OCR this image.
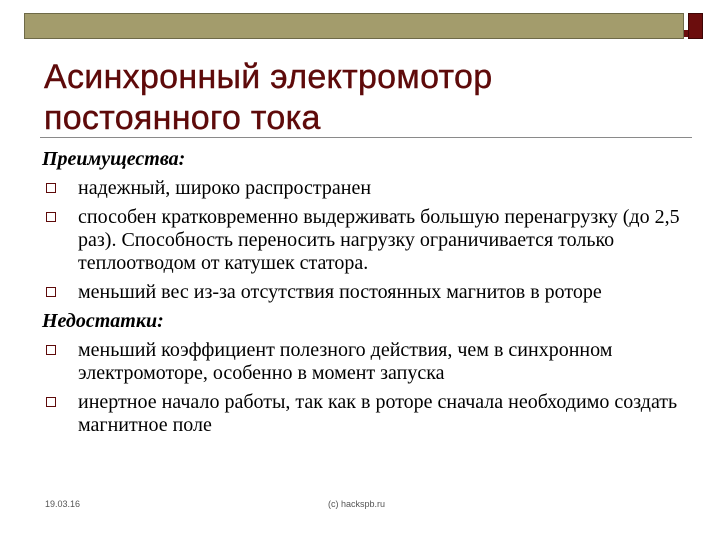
Асинхронный электромотор
постоянного тока
Преимущества:
надежный, широко распространен
способен кратковременно выдерживать большую перенагрузку (до 2,5 раз). Способность переносить нагрузку ограничивается только теплоотводом от катушек статора.
меньший вес из-за отсутствия постоянных магнитов в роторе
Недостатки:
меньший коэффициент полезного действия, чем в синхронном электромоторе, особенно в момент запуска
инертное начало работы, так как в роторе сначала необходимо создать магнитное поле
19.03.16	(c) hackspb.ru
